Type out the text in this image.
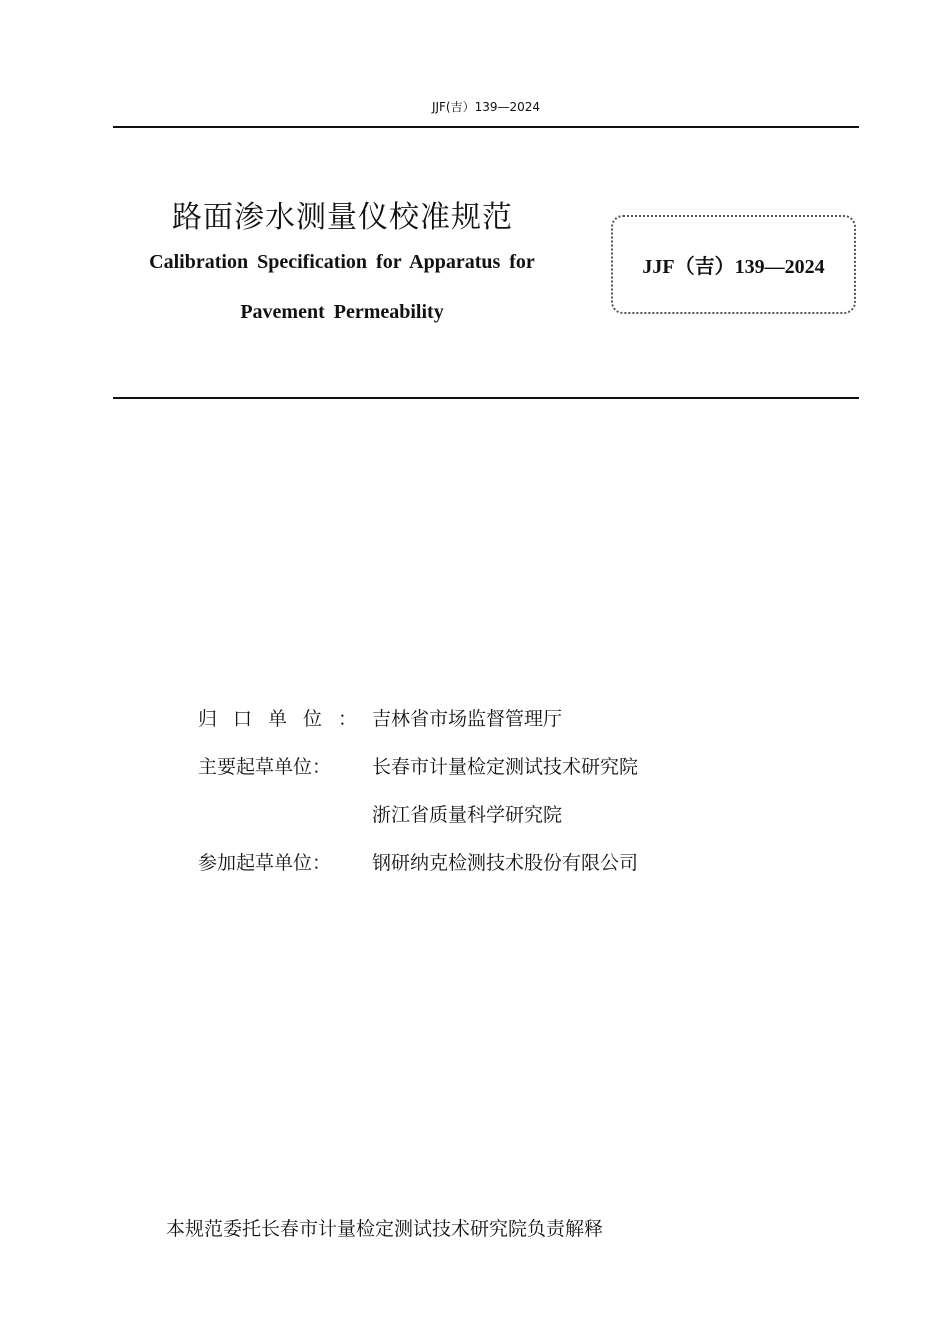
JJF(吉）139—2024
路面渗水测量仪校准规范
Calibration Specification for Apparatus for
Pavement Permeability
JJF（吉）139—2024
归口单位：
吉林省市场监督管理厅
主要起草单位：	长春市计量检定测试技术研究院
浙江省质量科学研究院
参加起草单位：	钢研纳克检测技术股份有限公司
本规范委托长春市计量检定测试技术研究院负责解释
